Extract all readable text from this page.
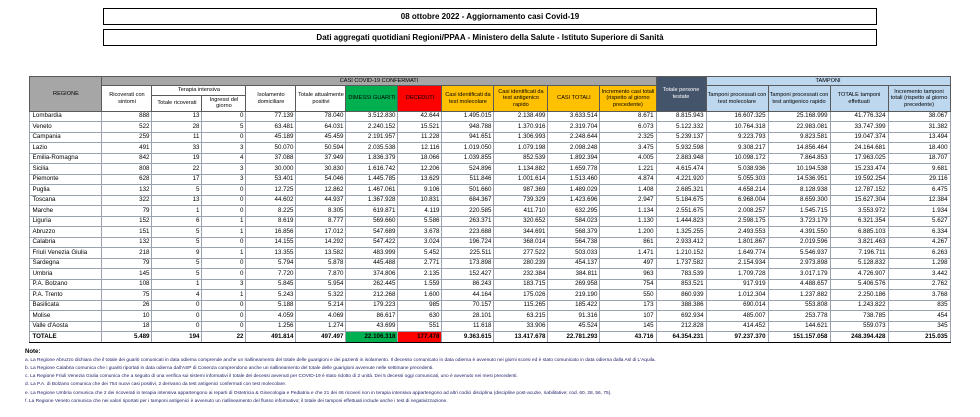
08 ottobre 2022 - Aggiornamento casi Covid-19
Dati aggregati quotidiani Regioni/PPAA - Ministero della Salute - Istituto Superiore di Sanità
REGIONE	CASI COVID-19 CONFERMATI											Totale persone testate	TAMPONI			
	Ricoverati con sintomi	Terapia intensiva		Isolamento domiciliare	Totale attualmente positivi	DIMESSI GUARITI	DECEDUTI	Casi identificati da test molecolare	Casi identificati da test antigenico rapido	CASI TOTALI	Incremento casi totali (rispetto al giorno precedente)		Tamponi processati con test molecolare	Tamponi processati con test antigenico rapido	TOTALE tamponi effettuati	Incremento tamponi totali (rispetto al giorno precedente)
		Totale ricoverati	Ingressi del giorno													
Lombardia	888	13	0	77.139	78.040	3.512.830	42.644	1.495.015	2.138.499	3.633.514	8.671	8.815.943	16.607.325	25.168.999	41.776.324	38.067
Veneto	522	28	5	63.481	64.031	2.240.152	15.521	948.788	1.370.916	2.319.704	6.073	5.122.332	10.764.318	22.983.081	33.747.399	31.382
Campania	259	11	0	45.189	45.459	2.191.957	11.228	941.651	1.306.993	2.248.644	2.325	5.239.137	9.223.793	9.823.581	19.047.374	13.494
Lazio	491	33	3	50.070	50.594	2.035.538	12.116	1.019.050	1.079.198	2.098.248	3.475	5.932.598	9.308.217	14.856.464	24.164.681	18.400
Emilia-Romagna	842	19	4	37.088	37.949	1.836.379	18.066	1.039.855	852.539	1.892.394	4.005	2.883.948	10.098.172	7.864.853	17.963.025	18.707
Sicilia	808	22	3	30.000	30.830	1.616.742	12.206	524.896	1.134.882	1.659.778	1.221	4.615.474	5.038.936	10.194.538	15.233.474	9.681
Piemonte	628	17	3	53.401	54.046	1.445.785	13.629	511.846	1.001.614	1.513.460	4.874	4.221.920	5.055.303	14.536.951	19.592.254	29.116
Puglia	132	5	0	12.725	12.862	1.467.061	9.106	501.660	987.369	1.489.029	1.408	2.685.321	4.658.214	8.128.938	12.787.152	6.475
Toscana	322	13	0	44.602	44.937	1.367.928	10.831	684.367	739.329	1.423.696	2.947	5.184.675	6.968.004	8.659.300	15.627.304	12.384
Marche	79	1	0	8.225	8.305	619.871	4.119	220.585	411.710	632.295	1.134	2.551.675	2.008.257	1.545.715	3.553.972	1.934
Liguria	152	6	1	8.619	8.777	569.660	5.586	263.371	320.652	584.023	1.130	1.444.823	2.598.175	3.723.179	6.321.354	5.627
Abruzzo	151	5	1	16.856	17.012	547.689	3.678	223.688	344.691	568.379	1.200	1.325.255	2.493.553	4.391.550	6.885.103	6.334
Calabria	132	5	0	14.155	14.292	547.422	3.024	196.724	368.014	564.738	861	2.933.412	1.801.867	2.019.596	3.821.463	4.267
Friuli Venezia Giulia	218	9	1	13.355	13.582	483.999	5.452	225.511	277.522	503.033	1.471	1.210.152	1.649.774	5.546.937	7.196.711	6.263
Sardegna	79	5	0	5.794	5.878	445.488	2.771	173.898	280.239	454.137	497	1.737.582	2.154.934	2.973.898	5.128.832	1.298
Umbria	145	5	0	7.720	7.870	374.806	2.135	152.427	232.384	384.811	963	783.539	1.709.728	3.017.179	4.726.907	3.442
P.A. Bolzano	108	1	3	5.845	5.954	262.445	1.559	86.243	183.715	269.958	754	853.521	917.919	4.488.657	5.406.576	2.762
P.A. Trento	75	4	1	5.243	5.322	212.268	1.600	44.164	175.026	219.190	550	860.939	1.012.304	1.237.882	2.250.186	3.768
Basilicata	26	0	0	5.188	5.214	179.223	985	70.157	115.265	185.422	173	388.386	690.014	553.808	1.243.822	835
Molise	10	0	0	4.059	4.069	86.617	630	28.101	63.215	91.316	107	692.934	485.007	253.778	738.785	454
Valle d'Aosta	18	0	0	1.256	1.274	43.699	551	11.618	33.906	45.524	145	212.828	414.452	144.621	559.073	345
TOTALE	5.489	194	22	491.814	497.497	22.106.318	177.478	9.363.615	13.417.678	22.781.293	43.716	64.354.231	97.237.370	151.157.058	248.394.428	215.035
Note:
a. La Regione Abruzzo dichiara che il totale dei guariti comunicati in data odierna comprende anche un riallineamento del totale delle guarigioni e dei pazienti in isolamento. Il decesso comunicato in data odierna è avvenuto nei giorni scorsi ed è stato comunicato in data odierna dalla Asl di L'Aquila.
b. La Regione Calabria comunica che i guariti riportati in data odierna dall'ASP di Cosenza comprendono anche un riallineamento del totale delle guarigioni avvenute nelle settimane precedenti.
c. La Regione Friuli Venezia Giulia comunica che a seguito di una verifica sui sistemi informativi il totale dei decessi avvenuti per COVID-19 è stato ridotto di 2 unità. Dei 5 decessi oggi comunicati, uno è avvenuto nei mesi precedenti.
d. La P.A. di Bolzano comunica che dei 754 nuovi casi positivi, 2 derivano da test antigenici confermati con test molecolare.
e. La Regione Umbria comunica che 2 dei ricoverati in terapia intensiva appartengono ai reparti di Ostetricia & Ginecologia e Pediatria e che 21 dei 46 ricoveri non in terapia intensiva appartengono ad altri codici disciplina (discipline post-acuzie, riabilitative; cod. 60, 28, 56, 75).
f. La Regione Veneto comunica che nei valori riportati per i tamponi antigenici è avvenuto un riallineamento del flusso informativo; il totale dei tamponi effettuati include anche i test di negativizzazione.
